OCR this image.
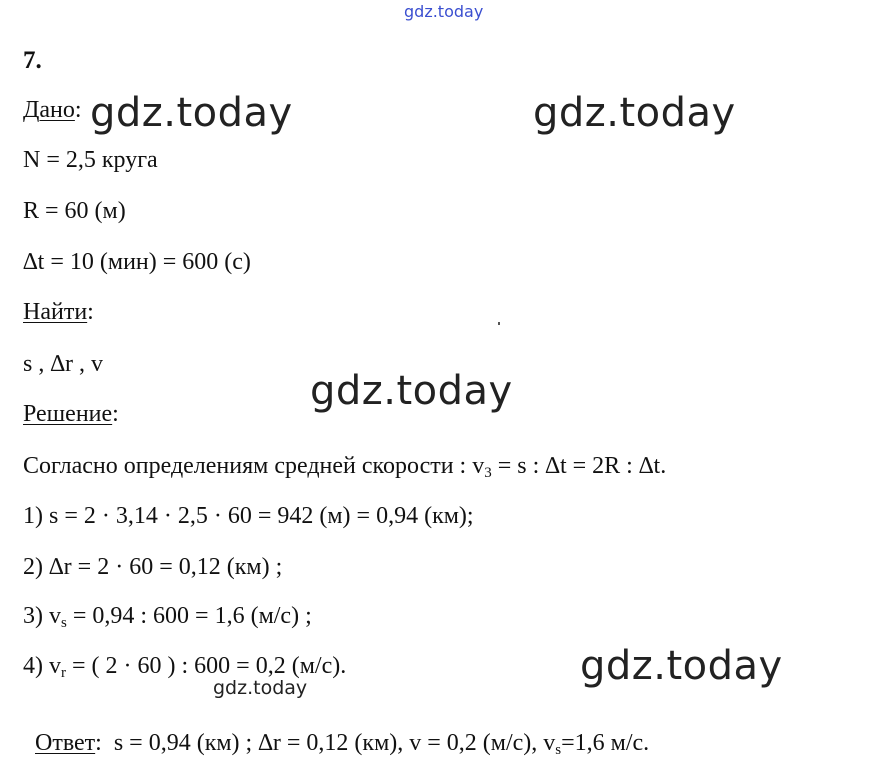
gdz.today
gdz.today	gdz.today
gdz.today
gdz.today
gdz.today
7.
Дано:
N = 2,5 круга
R = 60 (м)
∆t = 10 (мин) = 600 (с)
Найти:
s , ∆r , v
Решение:
Согласно определениям средней скорости : $v_3 = s$ : ∆t = 2R : ∆t.
1) s = 2 · 3,14 · 2,5 · 60 = 942 (м) = 0,94 (км);
2) ∆r = 2 · 60 = 0,12 (км) ;
3) $v_s = 0,94$ : 600 = 1,6 (м/с) ;
4) $v_r$ = ( 2 · 60 ) : 600 = 0,2 (м/с).

Ответ:  s = 0,94 (км) ; ∆r = 0,12 (км), v = 0,2 (м/с), $v_s=1,6$ м/с.
